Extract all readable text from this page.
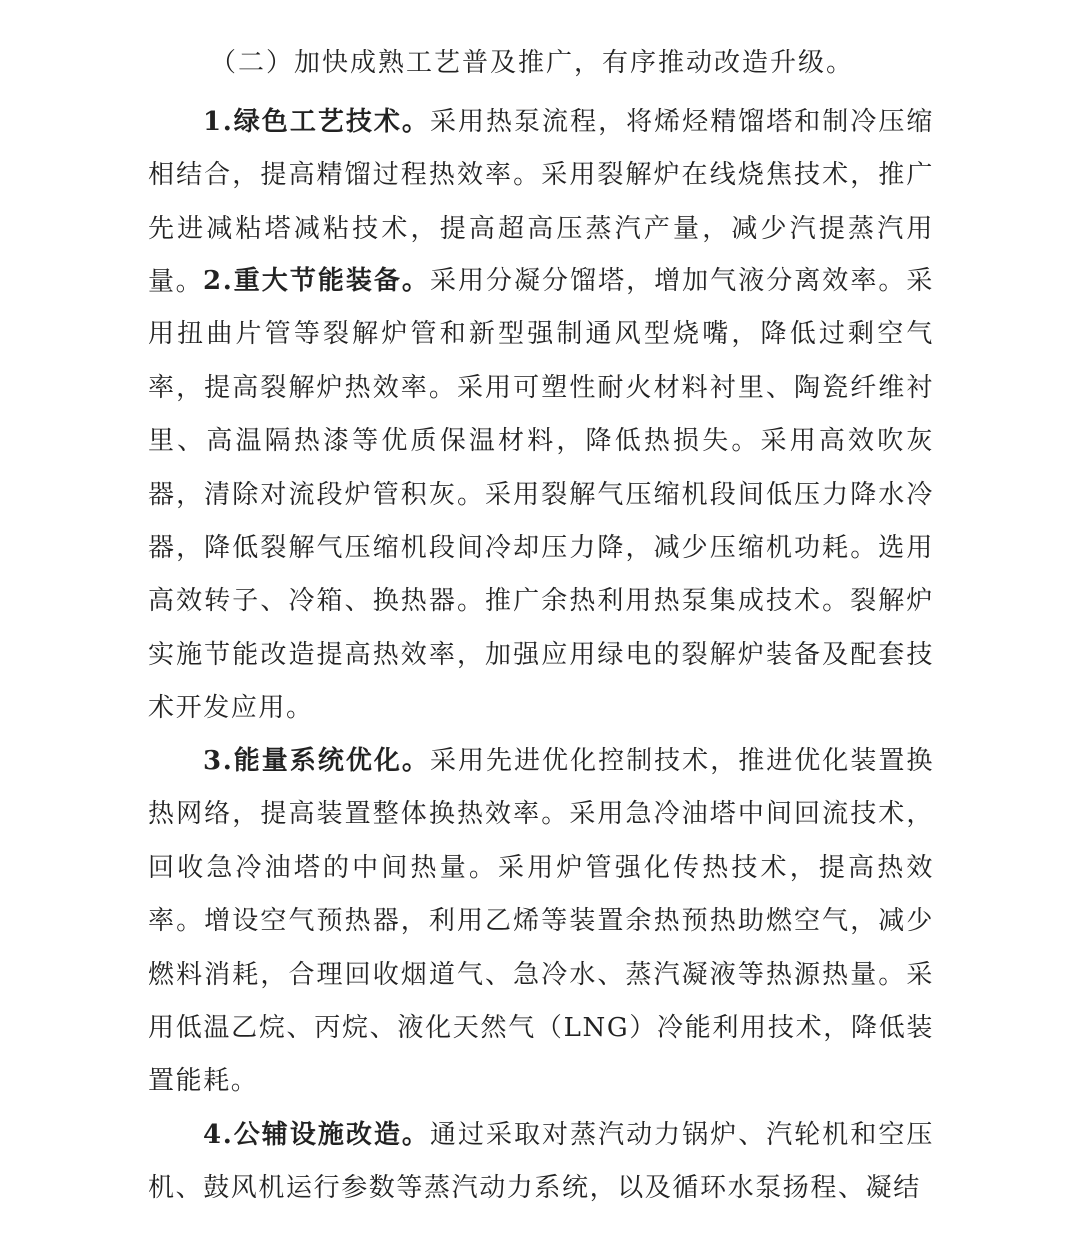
（二）加快成熟工艺普及推广，有序推动改造升级。

1.绿色工艺技术。采用热泵流程，将烯烃精馏塔和制冷压缩相结合，提高精馏过程热效率。采用裂解炉在线烧焦技术，推广先进减粘塔减粘技术，提高超高压蒸汽产量，减少汽提蒸汽用量。 2.重大节能装备。采用分凝分馏塔，增加气液分离效率。采用扭曲片管等裂解炉管和新型强制通风型烧嘴，降低过剩空气率，提高裂解炉热效率。采用可塑性耐火材料衬里、陶瓷纤维衬里、高温隔热漆等优质保温材料，降低热损失。采用高效吹灰器，清除对流段炉管积灰。采用裂解气压缩机段间低压力降水冷器，降低裂解气压缩机段间冷却压力降，减少压缩机功耗。选用高效转子、冷箱、换热器。推广余热利用热泵集成技术。裂解炉实施节能改造提高热效率，加强应用绿电的裂解炉装备及配套技术开发应用。

3.能量系统优化。采用先进优化控制技术，推进优化装置换热网络，提高装置整体换热效率。采用急冷油塔中间回流技术，回收急冷油塔的中间热量。采用炉管强化传热技术，提高热效率。增设空气预热器，利用乙烯等装置余热预热助燃空气，减少燃料消耗，合理回收烟道气、急冷水、蒸汽凝液等热源热量。采用低温乙烷、丙烷、液化天然气（LNG）冷能利用技术，降低装置能耗。

4.公辅设施改造。通过采取对蒸汽动力锅炉、汽轮机和空压机、鼓风机运行参数等蒸汽动力系统，以及循环水泵扬程、凝结
